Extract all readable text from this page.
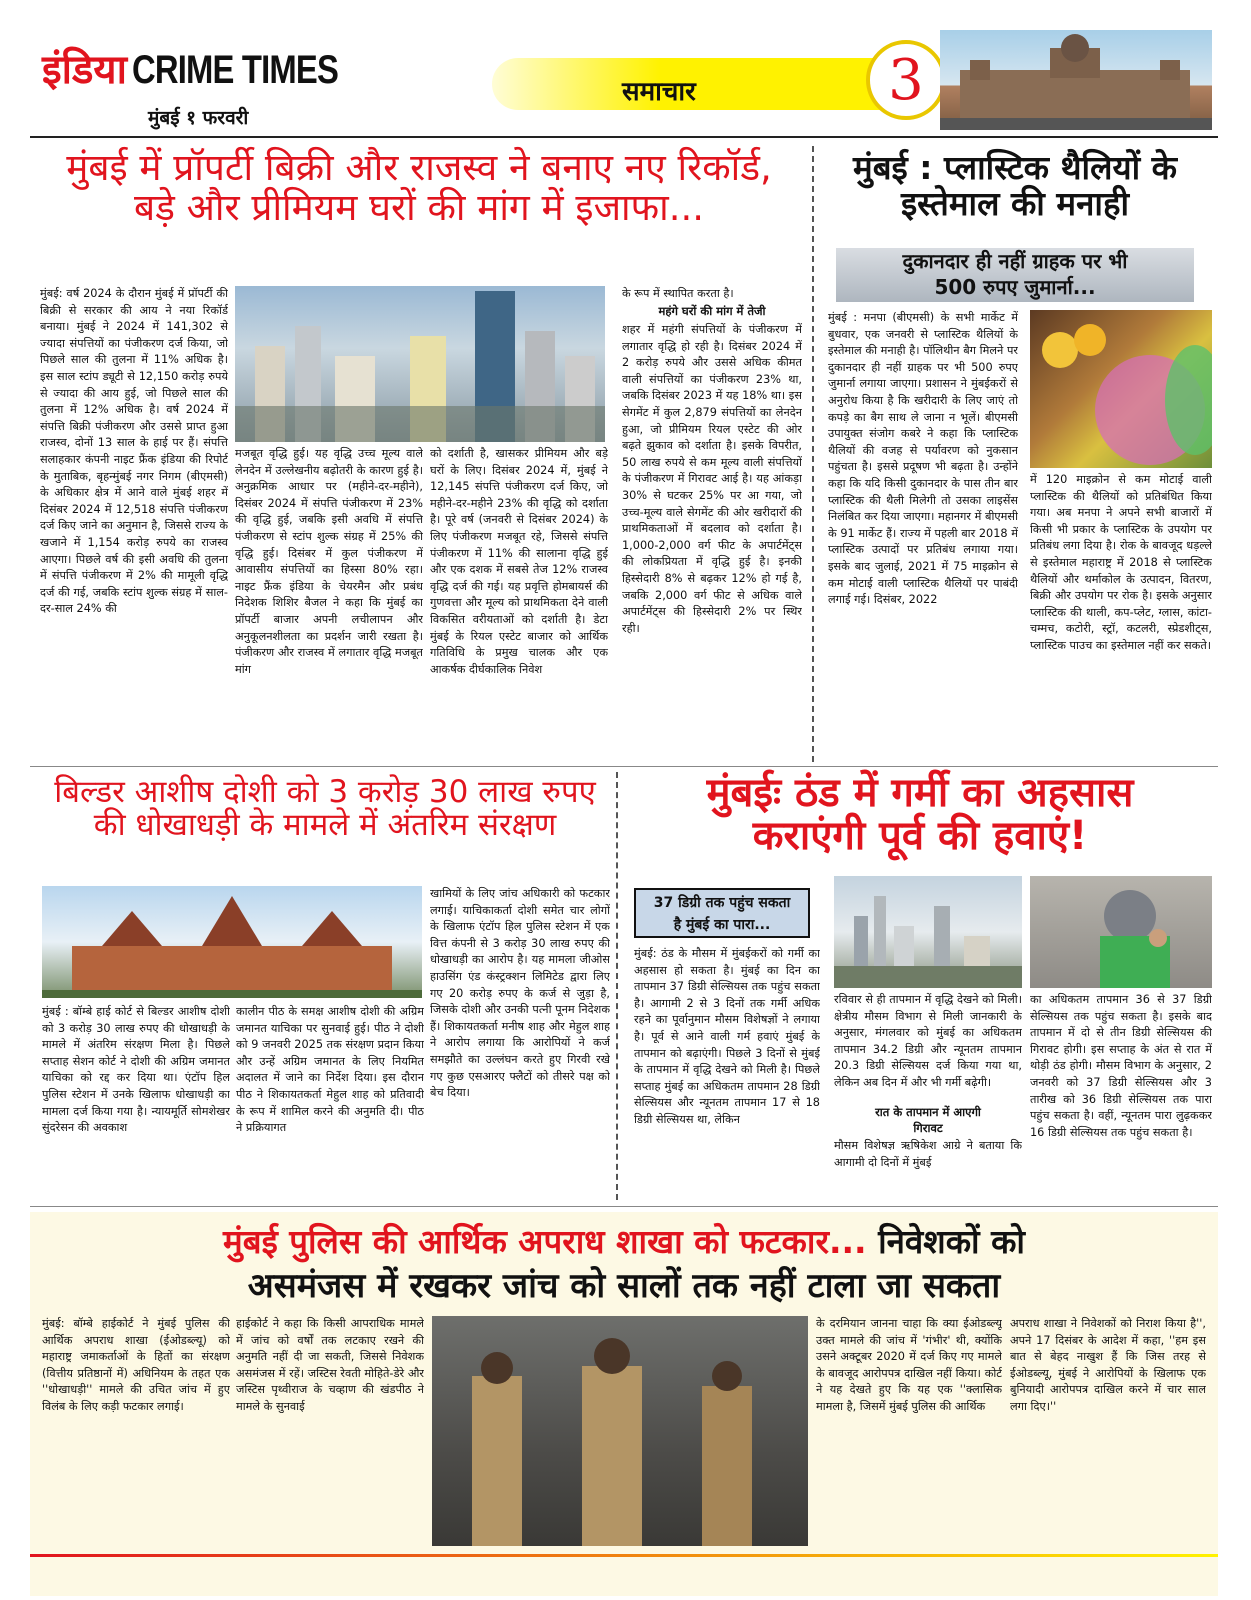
इंडिया CRIME TIMES
मुंबई १ फरवरी
समाचार	3
मुंबई में प्रॉपर्टी बिक्री और राजस्व ने बनाए नए रिकॉर्ड,
बड़े और प्रीमियम घरों की मांग में इजाफा...
मुंबई: वर्ष 2024 के दौरान मुंबई में प्रॉपर्टी की बिक्री से सरकार की आय ने नया रिकॉर्ड बनाया। मुंबई ने 2024 में 141,302 से ज्यादा संपत्तियों का पंजीकरण दर्ज किया, जो पिछले साल की तुलना में 11% अधिक है। इस साल स्टांप ड्यूटी से 12,150 करोड़ रुपये से ज्यादा की आय हुई, जो पिछले साल की तुलना में 12% अधिक है। वर्ष 2024 में संपत्ति बिक्री पंजीकरण और उससे प्राप्त हुआ राजस्व, दोनों 13 साल के हाई पर हैं। संपत्ति सलाहकार कंपनी नाइट फ्रैंक इंडिया की रिपोर्ट के मुताबिक, बृहन्मुंबई नगर निगम (बीएमसी) के अधिकार क्षेत्र में आने वाले मुंबई शहर में दिसंबर 2024 में 12,518 संपत्ति पंजीकरण दर्ज किए जाने का अनुमान है, जिससे राज्य के खजाने में 1,154 करोड़ रुपये का राजस्व आएगा। पिछले वर्ष की इसी अवधि की तुलना में संपत्ति पंजीकरण में 2% की मामूली वृद्धि दर्ज की गई, जबकि स्टांप शुल्क संग्रह में साल-दर-साल 24% की
मजबूत वृद्धि हुई। यह वृद्धि उच्च मूल्य वाले लेनदेन में उल्लेखनीय बढ़ोतरी के कारण हुई है। अनुक्रमिक आधार पर (महीने-दर-महीने), दिसंबर 2024 में संपत्ति पंजीकरण में 23% की वृद्धि हुई, जबकि इसी अवधि में संपत्ति पंजीकरण से स्टांप शुल्क संग्रह में 25% की वृद्धि हुई। दिसंबर में कुल पंजीकरण में आवासीय संपत्तियों का हिस्सा 80% रहा। नाइट फ्रैंक इंडिया के चेयरमैन और प्रबंध निदेशक शिशिर बैजल ने कहा कि मुंबई का प्रॉपर्टी बाजार अपनी लचीलापन और अनुकूलनशीलता का प्रदर्शन जारी रखता है। पंजीकरण और राजस्व में लगातार वृद्धि मजबूत मांग
को दर्शाती है, खासकर प्रीमियम और बड़े घरों के लिए। दिसंबर 2024 में, मुंबई ने 12,145 संपत्ति पंजीकरण दर्ज किए, जो महीने-दर-महीने 23% की वृद्धि को दर्शाता है। पूरे वर्ष (जनवरी से दिसंबर 2024) के लिए पंजीकरण मजबूत रहे, जिससे संपत्ति पंजीकरण में 11% की सालाना वृद्धि हुई और एक दशक में सबसे तेज 12% राजस्व वृद्धि दर्ज की गई। यह प्रवृत्ति होमबायर्स की गुणवत्ता और मूल्य को प्राथमिकता देने वाली विकसित वरीयताओं को दर्शाती है। डेटा मुंबई के रियल एस्टेट बाजार को आर्थिक गतिविधि के प्रमुख चालक और एक आकर्षक दीर्घकालिक निवेश
के रूप में स्थापित करता है।
महंगे घरों की मांग में तेजी
शहर में महंगी संपत्तियों के पंजीकरण में लगातार वृद्धि हो रही है। दिसंबर 2024 में 2 करोड़ रुपये और उससे अधिक कीमत वाली संपत्तियों का पंजीकरण 23% था, जबकि दिसंबर 2023 में यह 18% था। इस सेगमेंट में कुल 2,879 संपत्तियों का लेनदेन हुआ, जो प्रीमियम रियल एस्टेट की ओर बढ़ते झुकाव को दर्शाता है। इसके विपरीत, 50 लाख रुपये से कम मूल्य वाली संपत्तियों के पंजीकरण में गिरावट आई है। यह आंकड़ा 30% से घटकर 25% पर आ गया, जो उच्च-मूल्य वाले सेगमेंट की ओर खरीदारों की प्राथमिकताओं में बदलाव को दर्शाता है। 1,000-2,000 वर्ग फीट के अपार्टमेंट्स की लोकप्रियता में वृद्धि हुई है। इनकी हिस्सेदारी 8% से बढ़कर 12% हो गई है, जबकि 2,000 वर्ग फीट से अधिक वाले अपार्टमेंट्स की हिस्सेदारी 2% पर स्थिर रही।
मुंबई : प्लास्टिक थैलियों के
इस्तेमाल की मनाही
दुकानदार ही नहीं ग्राहक पर भी
500 रुपए जुमार्ना...
मुंबई : मनपा (बीएमसी) के सभी मार्केट में बुधवार, एक जनवरी से प्लास्टिक थैलियों के इस्तेमाल की मनाही है। पॉलिथीन बैग मिलने पर दुकानदार ही नहीं ग्राहक पर भी 500 रुपए जुमार्ना लगाया जाएगा। प्रशासन ने मुंबईकरों से अनुरोध किया है कि खरीदारी के लिए जाएं तो कपड़े का बैग साथ ले जाना न भूलें। बीएमसी उपायुक्त संजोग कबरे ने कहा कि प्लास्टिक थैलियों की वजह से पर्यावरण को नुकसान पहुंचता है। इससे प्रदूषण भी बढ़ता है। उन्होंने कहा कि यदि किसी दुकानदार के पास तीन बार प्लास्टिक की थैली मिलेगी तो उसका लाइसेंस निलंबित कर दिया जाएगा। महानगर में बीएमसी के 91 मार्केट हैं। राज्य में पहली बार 2018 में प्लास्टिक उत्पादों पर प्रतिबंध लगाया गया। इसके बाद जुलाई, 2021 में 75 माइक्रोन से कम मोटाई वाली प्लास्टिक थैलियों पर पाबंदी लगाई गई। दिसंबर, 2022
में 120 माइक्रोन से कम मोटाई वाली प्लास्टिक की थैलियों को प्रतिबंधित किया गया। अब मनपा ने अपने सभी बाजारों में किसी भी प्रकार के प्लास्टिक के उपयोग पर प्रतिबंध लगा दिया है। रोक के बावजूद धड़ल्ले से इस्तेमाल महाराष्ट्र में 2018 से प्लास्टिक थैलियों और थर्माकोल के उत्पादन, वितरण, बिक्री और उपयोग पर रोक है। इसके अनुसार प्लास्टिक की थाली, कप-प्लेट, ग्लास, कांटा-चम्मच, कटोरी, स्ट्रॉ, कटलरी, स्प्रेडशीट्स, प्लास्टिक पाउच का इस्तेमाल नहीं कर सकते।
बिल्डर आशीष दोशी को 3 करोड़ 30 लाख रुपए
की धोखाधड़ी के मामले में अंतरिम संरक्षण
मुंबई : बॉम्बे हाई कोर्ट से बिल्डर आशीष दोशी को 3 करोड़ 30 लाख रुपए की धोखाधड़ी के मामले में अंतरिम संरक्षण मिला है। पिछले सप्ताह सेशन कोर्ट ने दोशी की अग्रिम जमानत याचिका को रद्द कर दिया था। एंटॉप हिल पुलिस स्टेशन में उनके खिलाफ धोखाधड़ी का मामला दर्ज किया गया है। न्यायमूर्ति सोमशेखर सुंदरेसन की अवकाश
कालीन पीठ के समक्ष आशीष दोशी की अग्रिम जमानत याचिका पर सुनवाई हुई। पीठ ने दोशी को 9 जनवरी 2025 तक संरक्षण प्रदान किया और उन्हें अग्रिम जमानत के लिए नियमित अदालत में जाने का निर्देश दिया। इस दौरान पीठ ने शिकायतकर्ता मेहुल शाह को प्रतिवादी के रूप में शामिल करने की अनुमति दी। पीठ ने प्रक्रियागत
खामियों के लिए जांच अधिकारी को फटकार लगाई। याचिकाकर्ता दोशी समेत चार लोगों के खिलाफ एंटॉप हिल पुलिस स्टेशन में एक वित्त कंपनी से 3 करोड़ 30 लाख रुपए की धोखाधड़ी का आरोप है। यह मामला जीओस हाउसिंग एंड कंस्ट्रक्शन लिमिटेड द्वारा लिए गए 20 करोड़ रुपए के कर्ज से जुड़ा है, जिसके दोशी और उनकी पत्नी पूनम निदेशक हैं। शिकायतकर्ता मनीष शाह और मेहुल शाह ने आरोप लगाया कि आरोपियों ने कर्ज समझौते का उल्लंघन करते हुए गिरवी रखे गए कुछ एसआरए फ्लैटों को तीसरे पक्ष को बेच दिया।
मुंबईः ठंड में गर्मी का अहसास
कराएंगी पूर्व की हवाएं!
37 डिग्री तक पहुंच सकता
है मुंबई का पारा...
मुंबई: ठंड के मौसम में मुंबईकरों को गर्मी का अहसास हो सकता है। मुंबई का दिन का तापमान 37 डिग्री सेल्सियस तक पहुंच सकता है। आगामी 2 से 3 दिनों तक गर्मी अधिक रहने का पूर्वानुमान मौसम विशेषज्ञों ने लगाया है। पूर्व से आने वाली गर्म हवाएं मुंबई के तापमान को बढ़ाएंगी। पिछले 3 दिनों से मुंबई के तापमान में वृद्धि देखने को मिली है। पिछले सप्ताह मुंबई का अधिकतम तापमान 28 डिग्री सेल्सियस और न्यूनतम तापमान 17 से 18 डिग्री सेल्सियस था, लेकिन
रविवार से ही तापमान में वृद्धि देखने को मिली। क्षेत्रीय मौसम विभाग से मिली जानकारी के अनुसार, मंगलवार को मुंबई का अधिकतम तापमान 34.2 डिग्री और न्यूनतम तापमान 20.3 डिग्री सेल्सियस दर्ज किया गया था, लेकिन अब दिन में और भी गर्मी बढ़ेगी।
रात के तापमान में आएगी
गिरावट
मौसम विशेषज्ञ ऋषिकेश आग्रे ने बताया कि आगामी दो दिनों में मुंबई
का अधिकतम तापमान 36 से 37 डिग्री सेल्सियस तक पहुंच सकता है। इसके बाद तापमान में दो से तीन डिग्री सेल्सियस की गिरावट होगी। इस सप्ताह के अंत से रात में थोड़ी ठंड होगी। मौसम विभाग के अनुसार, 2 जनवरी को 37 डिग्री सेल्सियस और 3 तारीख को 36 डिग्री सेल्सियस तक पारा पहुंच सकता है। वहीं, न्यूनतम पारा लुढ़ककर 16 डिग्री सेल्सियस तक पहुंच सकता है।
मुंबई पुलिस की आर्थिक अपराध शाखा को फटकार... निवेशकों को
असमंजस में रखकर जांच को सालों तक नहीं टाला जा सकता
मुंबई: बॉम्बे हाईकोर्ट ने मुंबई पुलिस की आर्थिक अपराध शाखा (ईओडब्ल्यू) को महाराष्ट्र जमाकर्ताओं के हितों का संरक्षण (वित्तीय प्रतिष्ठानों में) अधिनियम के तहत एक ''धोखाधड़ी'' मामले की उचित जांच में हुए विलंब के लिए कड़ी फटकार लगाई।
हाईकोर्ट ने कहा कि किसी आपराधिक मामले में जांच को वर्षों तक लटकाए रखने की अनुमति नहीं दी जा सकती, जिससे निवेशक असमंजस में रहें। जस्टिस रेवती मोहिते-डेरे और जस्टिस पृथ्वीराज के चव्हाण की खंडपीठ ने मामले के सुनवाई
के दरमियान जानना चाहा कि क्या ईओडब्ल्यू उक्त मामले की जांच में 'गंभीर' थी, क्योंकि उसने अक्टूबर 2020 में दर्ज किए गए मामले के बावजूद आरोपपत्र दाखिल नहीं किया। कोर्ट ने यह देखते हुए कि यह एक ''क्लासिक मामला है, जिसमें मुंबई पुलिस की आर्थिक
अपराध शाखा ने निवेशकों को निराश किया है'', अपने 17 दिसंबर के आदेश में कहा, ''हम इस बात से बेहद नाखुश हैं कि जिस तरह से ईओडब्ल्यू, मुंबई ने आरोपियों के खिलाफ एक बुनियादी आरोपपत्र दाखिल करने में चार साल लगा दिए।''
